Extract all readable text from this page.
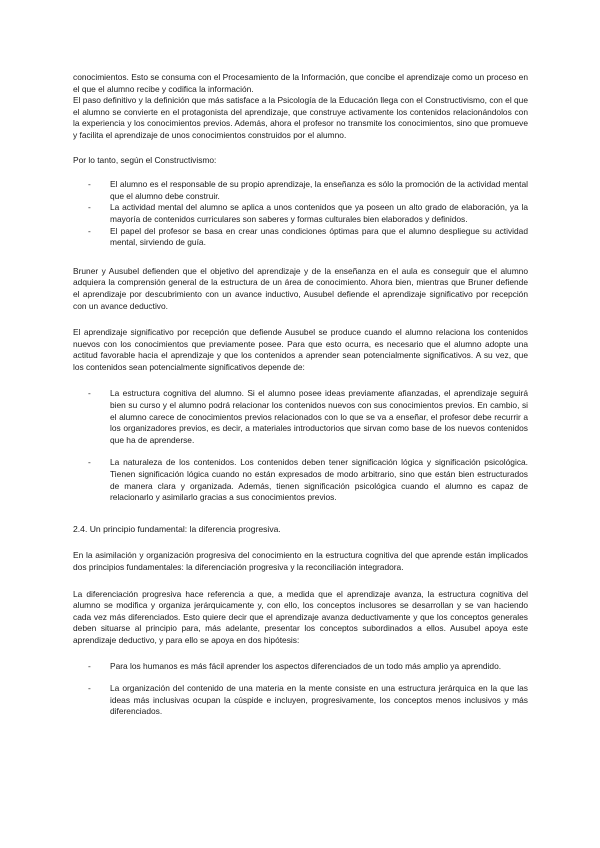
conocimientos. Esto se consuma con el Procesamiento de la Información, que concibe el aprendizaje como un proceso en el que el alumno recibe y codifica la información.

El paso definitivo y la definición que más satisface a la Psicología de la Educación llega con el Constructivismo, con el que el alumno se convierte en el protagonista del aprendizaje, que construye activamente los contenidos relacionándolos con la experiencia y los conocimientos previos. Además, ahora el profesor no transmite los conocimientos, sino que promueve y facilita el aprendizaje de unos conocimientos construidos por el alumno.

Por lo tanto, según el Constructivismo:

- El alumno es el responsable de su propio aprendizaje, la enseñanza es sólo la promoción de la actividad mental que el alumno debe construir.
- La actividad mental del alumno se aplica a unos contenidos que ya poseen un alto grado de elaboración, ya la mayoría de contenidos curriculares son saberes y formas culturales bien elaborados y definidos.
- El papel del profesor se basa en crear unas condiciones óptimas para que el alumno despliegue su actividad mental, sirviendo de guía.

Bruner y Ausubel defienden que el objetivo del aprendizaje y de la enseñanza en el aula es conseguir que el alumno adquiera la comprensión general de la estructura de un área de conocimiento. Ahora bien, mientras que Bruner defiende el aprendizaje por descubrimiento con un avance inductivo, Ausubel defiende el aprendizaje significativo por recepción con un avance deductivo.

El aprendizaje significativo por recepción que defiende Ausubel se produce cuando el alumno relaciona los contenidos nuevos con los conocimientos que previamente posee. Para que esto ocurra, es necesario que el alumno adopte una actitud favorable hacia el aprendizaje y que los contenidos a aprender sean potencialmente significativos. A su vez, que los contenidos sean potencialmente significativos depende de:

- La estructura cognitiva del alumno. Si el alumno posee ideas previamente afianzadas, el aprendizaje seguirá bien su curso y el alumno podrá relacionar los contenidos nuevos con sus conocimientos previos. En cambio, si el alumno carece de conocimientos previos relacionados con lo que se va a enseñar, el profesor debe recurrir a los organizadores previos, es decir, a materiales introductorios que sirvan como base de los nuevos contenidos que ha de aprenderse.
- La naturaleza de los contenidos. Los contenidos deben tener significación lógica y significación psicológica. Tienen significación lógica cuando no están expresados de modo arbitrario, sino que están bien estructurados de manera clara y organizada. Además, tienen significación psicológica cuando el alumno es capaz de relacionarlo y asimilarlo gracias a sus conocimientos previos.

2.4. Un principio fundamental: la diferencia progresiva.

En la asimilación y organización progresiva del conocimiento en la estructura cognitiva del que aprende están implicados dos principios fundamentales: la diferenciación progresiva y la reconciliación integradora.

La diferenciación progresiva hace referencia a que, a medida que el aprendizaje avanza, la estructura cognitiva del alumno se modifica y organiza jerárquicamente y, con ello, los conceptos inclusores se desarrollan y se van haciendo cada vez más diferenciados. Esto quiere decir que el aprendizaje avanza deductivamente y que los conceptos generales deben situarse al principio para, más adelante, presentar los conceptos subordinados a ellos. Ausubel apoya este aprendizaje deductivo, y para ello se apoya en dos hipótesis:

- Para los humanos es más fácil aprender los aspectos diferenciados de un todo más amplio ya aprendido.
- La organización del contenido de una materia en la mente consiste en una estructura jerárquica en la que las ideas más inclusivas ocupan la cúspide e incluyen, progresivamente, los conceptos menos inclusivos y más diferenciados.
